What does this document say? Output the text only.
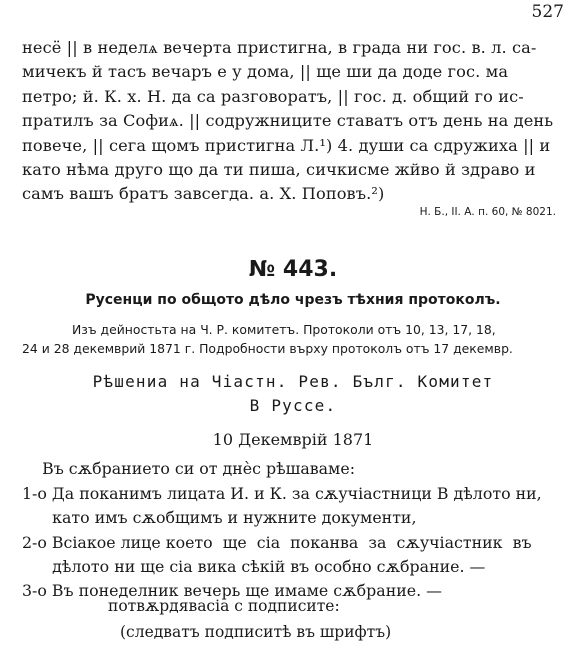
527
несё || в неделѧ вечерта пристигна, в града ни гос. в. л. са-
мичекъ й тасъ вечаръ е у дома, || ще ши да доде гос. ма
петро; й. К. х. Н. да са разговоратъ, || гос. д. общий го ис-
пратилъ за Софиѧ. || содружниците ставатъ отъ день на день
повече, || сега щомъ пристигна Л.¹) 4. души са сдружиха || и
като нѣма друго що да ти пиша, сичкисме жйво й здраво и
самъ вашъ братъ завсегда. а. Х. Поповъ.²)
Н. Б., II. А. п. 60, № 8021.
№ 443.
Русенци по общото дѣло чрезъ тѣхния протоколъ.
Изъ дейностьта на Ч. Р. комитетъ. Протоколи отъ 10, 13, 17, 18,
24 и 28 декемврий 1871 г. Подробности върху протоколъ отъ 17 декемвр.
Рѣшениа на Чіастн. Рев. Бълг. Комитет
В Руссе.
10 Декемврій 1871
Въ сѫбранието си от днѐс рѣшаваме:
1-о Да поканимъ лицата И. и К. за сѫучіастници В дѣлото ни,
като имъ сѫобщимъ и нужните документи,
2-о Всіакое лице което  ще  сіа  поканва  за  сѫучіастник  въ
дѣлото ни ще сіа вика сѣкій въ особно сѫбрание. —
3-о Въ понеделник вечерь ще имаме сѫбрание. —
потвѫрдявасіа с подписите:
(следватъ подписитѣ въ шрифтъ)
